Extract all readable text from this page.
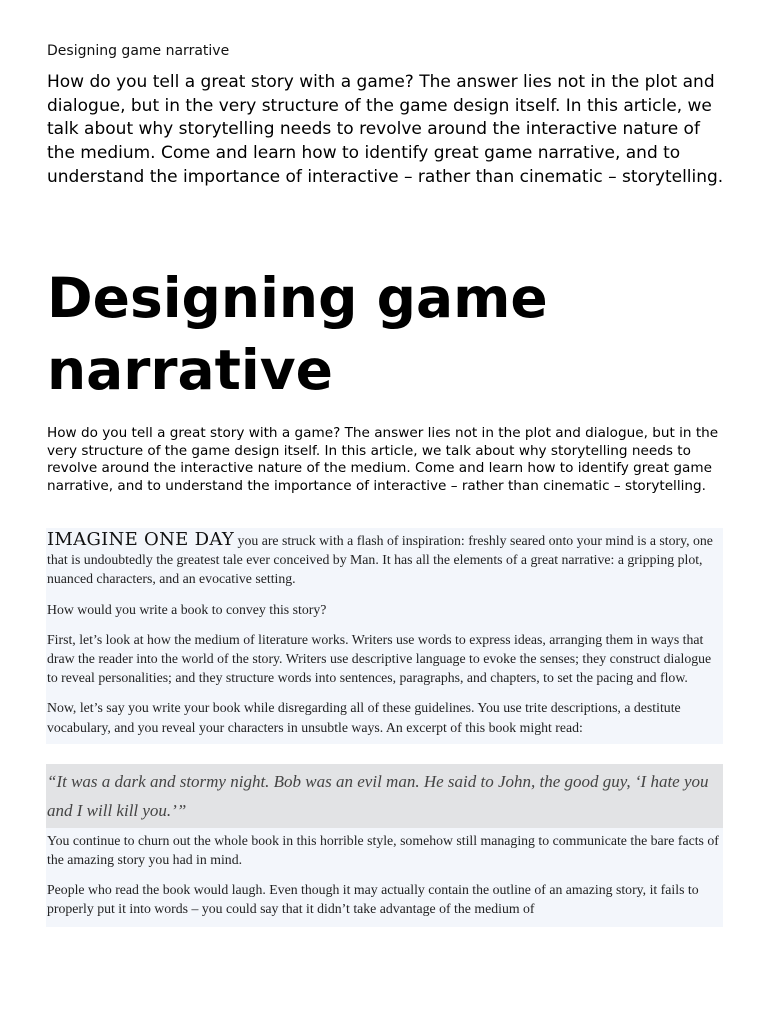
Designing game narrative

How do you tell a great story with a game? The answer lies not in the plot and dialogue, but in the very structure of the game design itself. In this article, we talk about why storytelling needs to revolve around the interactive nature of the medium. Come and learn how to identify great game narrative, and to understand the importance of interactive – rather than cinematic – storytelling.

Designing game narrative

How do you tell a great story with a game? The answer lies not in the plot and dialogue, but in the very structure of the game design itself. In this article, we talk about why storytelling needs to revolve around the interactive nature of the medium. Come and learn how to identify great game narrative, and to understand the importance of interactive – rather than cinematic – storytelling.

IMAGINE ONE DAY you are struck with a flash of inspiration: freshly seared onto your mind is a story, one that is undoubtedly the greatest tale ever conceived by Man. It has all the elements of a great narrative: a gripping plot, nuanced characters, and an evocative setting.

How would you write a book to convey this story?

First, let’s look at how the medium of literature works. Writers use words to express ideas, arranging them in ways that draw the reader into the world of the story. Writers use descriptive language to evoke the senses; they construct dialogue to reveal personalities; and they structure words into sentences, paragraphs, and chapters, to set the pacing and flow.

Now, let’s say you write your book while disregarding all of these guidelines. You use trite descriptions, a destitute vocabulary, and you reveal your characters in unsubtle ways. An excerpt of this book might read:

“It was a dark and stormy night. Bob was an evil man. He said to John, the good guy, ‘I hate you and I will kill you.’”

You continue to churn out the whole book in this horrible style, somehow still managing to communicate the bare facts of the amazing story you had in mind.

People who read the book would laugh. Even though it may actually contain the outline of an amazing story, it fails to properly put it into words – you could say that it didn’t take advantage of the medium of
